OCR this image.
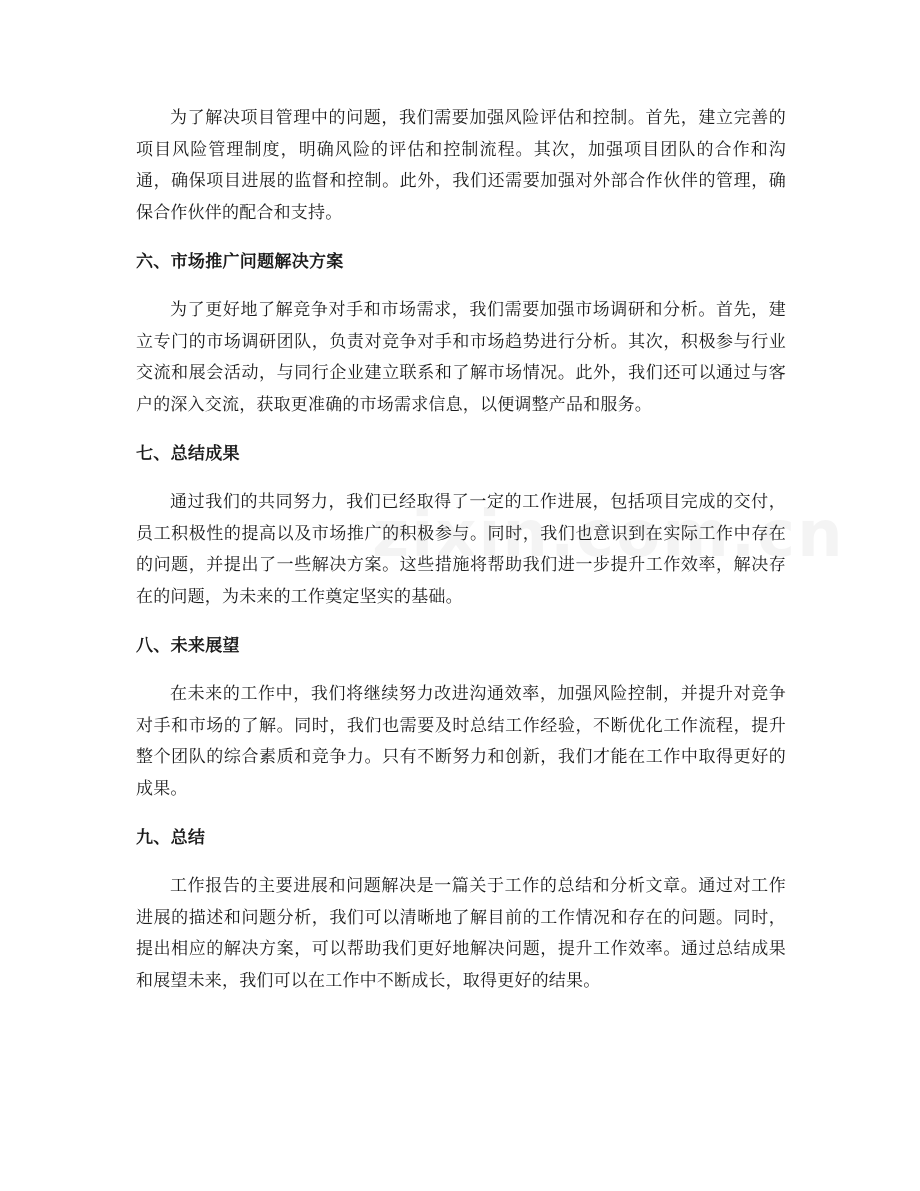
为了解决项目管理中的问题，我们需要加强风险评估和控制。首先，建立完善的项目风险管理制度，明确风险的评估和控制流程。其次，加强项目团队的合作和沟通，确保项目进展的监督和控制。此外，我们还需要加强对外部合作伙伴的管理，确保合作伙伴的配合和支持。

六、市场推广问题解决方案

为了更好地了解竞争对手和市场需求，我们需要加强市场调研和分析。首先，建立专门的市场调研团队，负责对竞争对手和市场趋势进行分析。其次，积极参与行业交流和展会活动，与同行企业建立联系和了解市场情况。此外，我们还可以通过与客户的深入交流，获取更准确的市场需求信息，以便调整产品和服务。

七、总结成果

通过我们的共同努力，我们已经取得了一定的工作进展，包括项目完成的交付，员工积极性的提高以及市场推广的积极参与。同时，我们也意识到在实际工作中存在的问题，并提出了一些解决方案。这些措施将帮助我们进一步提升工作效率，解决存在的问题，为未来的工作奠定坚实的基础。

八、未来展望

在未来的工作中，我们将继续努力改进沟通效率，加强风险控制，并提升对竞争对手和市场的了解。同时，我们也需要及时总结工作经验，不断优化工作流程，提升整个团队的综合素质和竞争力。只有不断努力和创新，我们才能在工作中取得更好的成果。

九、总结

工作报告的主要进展和问题解决是一篇关于工作的总结和分析文章。通过对工作进展的描述和问题分析，我们可以清晰地了解目前的工作情况和存在的问题。同时，提出相应的解决方案，可以帮助我们更好地解决问题，提升工作效率。通过总结成果和展望未来，我们可以在工作中不断成长，取得更好的结果。
